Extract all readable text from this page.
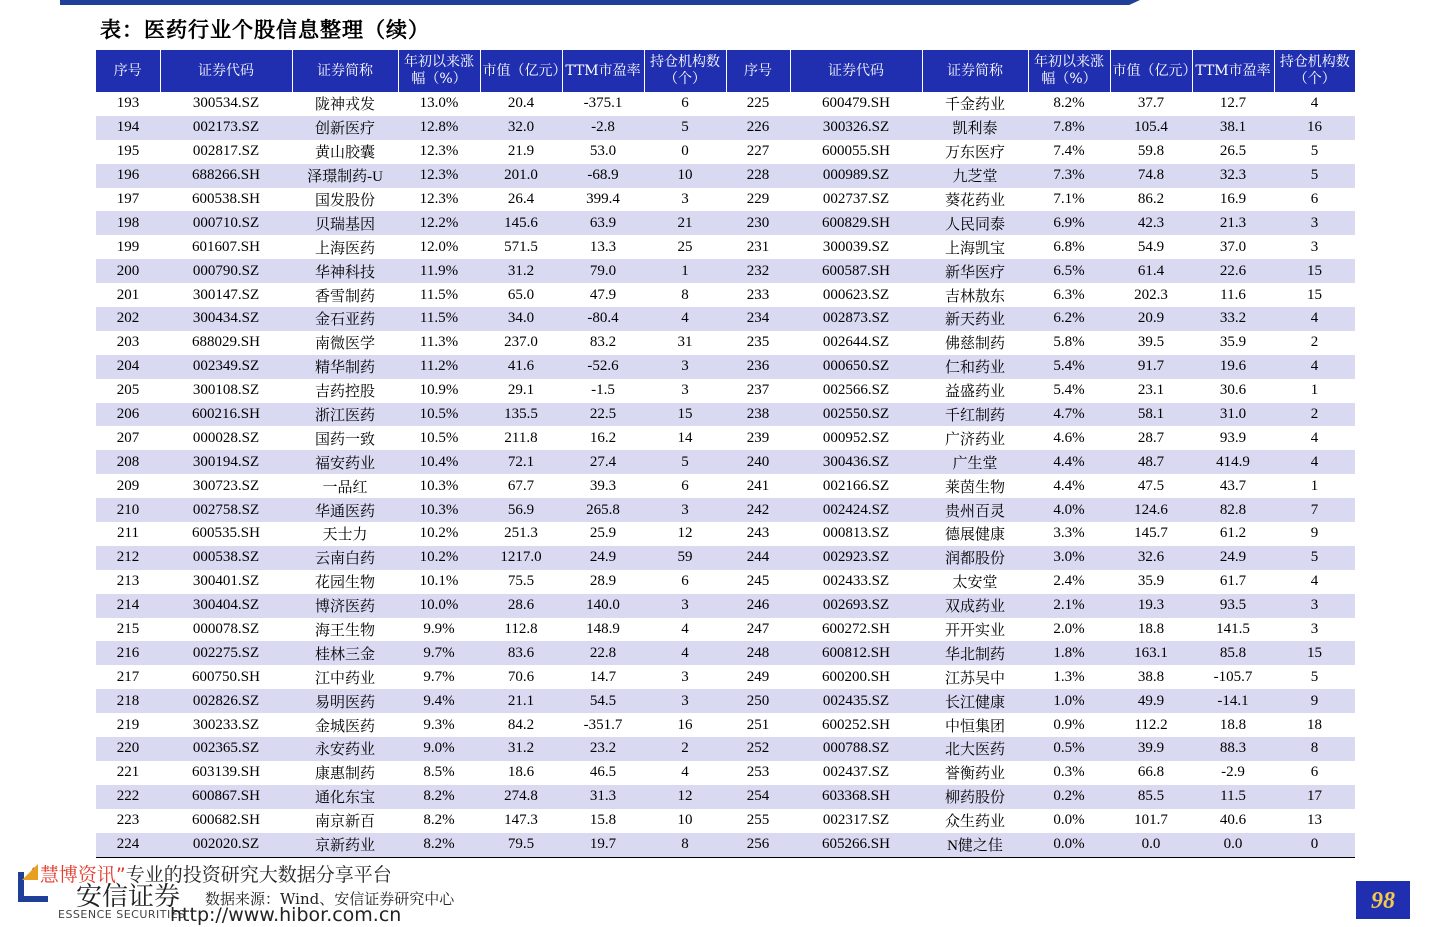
表：医药行业个股信息整理（续）
序号	证券代码	证券简称	年初以来涨幅（%）	市值（亿元）	TTM市盈率	持仓机构数（个）	序号	证券代码	证券简称	年初以来涨幅（%）	市值（亿元）	TTM市盈率	持仓机构数（个）
193	300534.SZ	陇神戎发	13.0%	20.4	-375.1	6	225	600479.SH	千金药业	8.2%	37.7	12.7	4
194	002173.SZ	创新医疗	12.8%	32.0	-2.8	5	226	300326.SZ	凯利泰	7.8%	105.4	38.1	16
195	002817.SZ	黄山胶囊	12.3%	21.9	53.0	0	227	600055.SH	万东医疗	7.4%	59.8	26.5	5
196	688266.SH	泽璟制药-U	12.3%	201.0	-68.9	10	228	000989.SZ	九芝堂	7.3%	74.8	32.3	5
197	600538.SH	国发股份	12.3%	26.4	399.4	3	229	002737.SZ	葵花药业	7.1%	86.2	16.9	6
198	000710.SZ	贝瑞基因	12.2%	145.6	63.9	21	230	600829.SH	人民同泰	6.9%	42.3	21.3	3
199	601607.SH	上海医药	12.0%	571.5	13.3	25	231	300039.SZ	上海凯宝	6.8%	54.9	37.0	3
200	000790.SZ	华神科技	11.9%	31.2	79.0	1	232	600587.SH	新华医疗	6.5%	61.4	22.6	15
201	300147.SZ	香雪制药	11.5%	65.0	47.9	8	233	000623.SZ	吉林敖东	6.3%	202.3	11.6	15
202	300434.SZ	金石亚药	11.5%	34.0	-80.4	4	234	002873.SZ	新天药业	6.2%	20.9	33.2	4
203	688029.SH	南微医学	11.3%	237.0	83.2	31	235	002644.SZ	佛慈制药	5.8%	39.5	35.9	2
204	002349.SZ	精华制药	11.2%	41.6	-52.6	3	236	000650.SZ	仁和药业	5.4%	91.7	19.6	4
205	300108.SZ	吉药控股	10.9%	29.1	-1.5	3	237	002566.SZ	益盛药业	5.4%	23.1	30.6	1
206	600216.SH	浙江医药	10.5%	135.5	22.5	15	238	002550.SZ	千红制药	4.7%	58.1	31.0	2
207	000028.SZ	国药一致	10.5%	211.8	16.2	14	239	000952.SZ	广济药业	4.6%	28.7	93.9	4
208	300194.SZ	福安药业	10.4%	72.1	27.4	5	240	300436.SZ	广生堂	4.4%	48.7	414.9	4
209	300723.SZ	一品红	10.3%	67.7	39.3	6	241	002166.SZ	莱茵生物	4.4%	47.5	43.7	1
210	002758.SZ	华通医药	10.3%	56.9	265.8	3	242	002424.SZ	贵州百灵	4.0%	124.6	82.8	7
211	600535.SH	天士力	10.2%	251.3	25.9	12	243	000813.SZ	德展健康	3.3%	145.7	61.2	9
212	000538.SZ	云南白药	10.2%	1217.0	24.9	59	244	002923.SZ	润都股份	3.0%	32.6	24.9	5
213	300401.SZ	花园生物	10.1%	75.5	28.9	6	245	002433.SZ	太安堂	2.4%	35.9	61.7	4
214	300404.SZ	博济医药	10.0%	28.6	140.0	3	246	002693.SZ	双成药业	2.1%	19.3	93.5	3
215	000078.SZ	海王生物	9.9%	112.8	148.9	4	247	600272.SH	开开实业	2.0%	18.8	141.5	3
216	002275.SZ	桂林三金	9.7%	83.6	22.8	4	248	600812.SH	华北制药	1.8%	163.1	85.8	15
217	600750.SH	江中药业	9.7%	70.6	14.7	3	249	600200.SH	江苏吴中	1.3%	38.8	-105.7	5
218	002826.SZ	易明医药	9.4%	21.1	54.5	3	250	002435.SZ	长江健康	1.0%	49.9	-14.1	9
219	300233.SZ	金城医药	9.3%	84.2	-351.7	16	251	600252.SH	中恒集团	0.9%	112.2	18.8	18
220	002365.SZ	永安药业	9.0%	31.2	23.2	2	252	000788.SZ	北大医药	0.5%	39.9	88.3	8
221	603139.SH	康惠制药	8.5%	18.6	46.5	4	253	002437.SZ	誉衡药业	0.3%	66.8	-2.9	6
222	600867.SH	通化东宝	8.2%	274.8	31.3	12	254	603368.SH	柳药股份	0.2%	85.5	11.5	17
223	600682.SH	南京新百	8.2%	147.3	15.8	10	255	002317.SZ	众生药业	0.0%	101.7	40.6	13
224	002020.SZ	京新药业	8.2%	79.5	19.7	8	256	605266.SH	N健之佳	0.0%	0.0	0.0	0
“慧博资讯”专业的投资研究大数据分享平台
安信证券
ESSENCE SECURITIES
数据来源：Wind、安信证券研究中心
http://www.hibor.com.cn
98
